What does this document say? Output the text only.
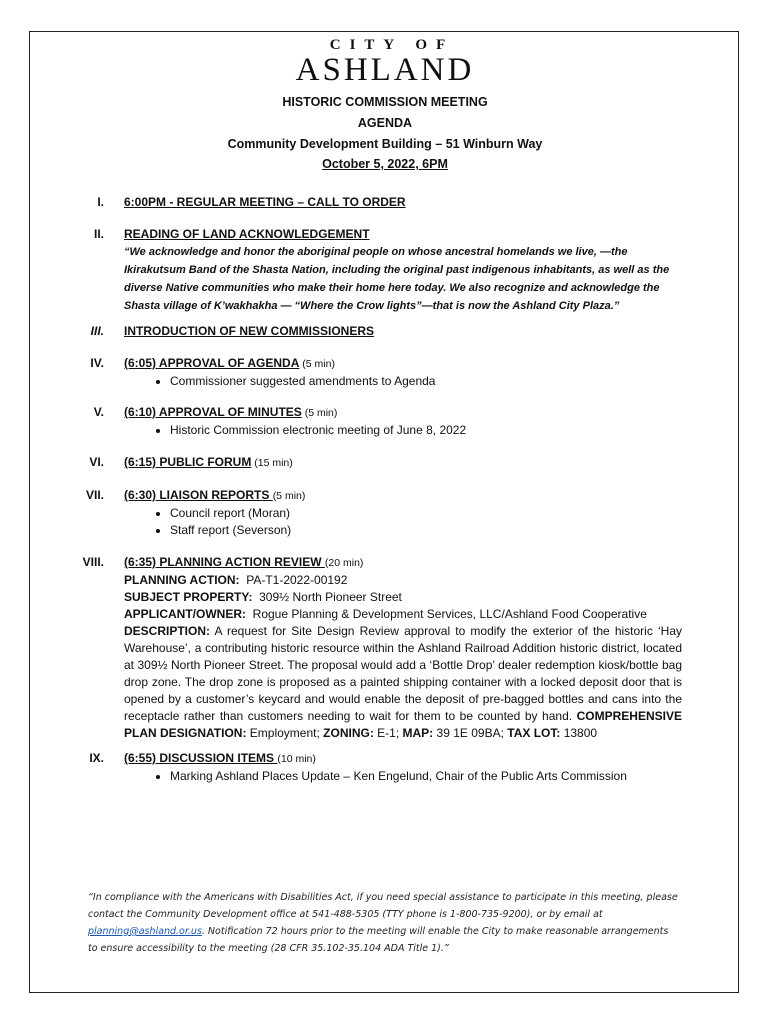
CITY OF
ASHLAND
HISTORIC COMMISSION MEETING
AGENDA
Community Development Building – 51 Winburn Way
October 5, 2022, 6PM
I. 6:00PM - REGULAR MEETING – CALL TO ORDER
II. READING OF LAND ACKNOWLEDGEMENT
“We acknowledge and honor the aboriginal people on whose ancestral homelands we live, —the Ikirakutsum Band of the Shasta Nation, including the original past indigenous inhabitants, as well as the diverse Native communities who make their home here today. We also recognize and acknowledge the Shasta village of K’wakhakha — “Where the Crow lights”—that is now the Ashland City Plaza.”
III. INTRODUCTION OF NEW COMMISSIONERS
IV. (6:05) APPROVAL OF AGENDA (5 min)
• Commissioner suggested amendments to Agenda
V. (6:10) APPROVAL OF MINUTES (5 min)
• Historic Commission electronic meeting of June 8, 2022
VI. (6:15) PUBLIC FORUM (15 min)
VII. (6:30) LIAISON REPORTS (5 min)
• Council report (Moran)
• Staff report (Severson)
VIII. (6:35) PLANNING ACTION REVIEW (20 min)
PLANNING ACTION:  PA-T1-2022-00192
SUBJECT PROPERTY:  309½ North Pioneer Street
APPLICANT/OWNER:  Rogue Planning & Development Services, LLC/Ashland Food Cooperative
DESCRIPTION: A request for Site Design Review approval to modify the exterior of the historic ‘Hay Warehouse’, a contributing historic resource within the Ashland Railroad Addition historic district, located at 309½ North Pioneer Street. The proposal would add a ‘Bottle Drop’ dealer redemption kiosk/bottle bag drop zone. The drop zone is proposed as a painted shipping container with a locked deposit door that is opened by a customer’s keycard and would enable the deposit of pre-bagged bottles and cans into the receptacle rather than customers needing to wait for them to be counted by hand. COMPREHENSIVE PLAN DESIGNATION: Employment; ZONING: E-1; MAP: 39 1E 09BA; TAX LOT: 13800
IX. (6:55) DISCUSSION ITEMS (10 min)
• Marking Ashland Places Update – Ken Engelund, Chair of the Public Arts Commission
“In compliance with the Americans with Disabilities Act, if you need special assistance to participate in this meeting, please contact the Community Development office at 541-488-5305 (TTY phone is 1-800-735-9200), or by email at planning@ashland.or.us. Notification 72 hours prior to the meeting will enable the City to make reasonable arrangements to ensure accessibility to the meeting (28 CFR 35.102-35.104 ADA Title 1).”
